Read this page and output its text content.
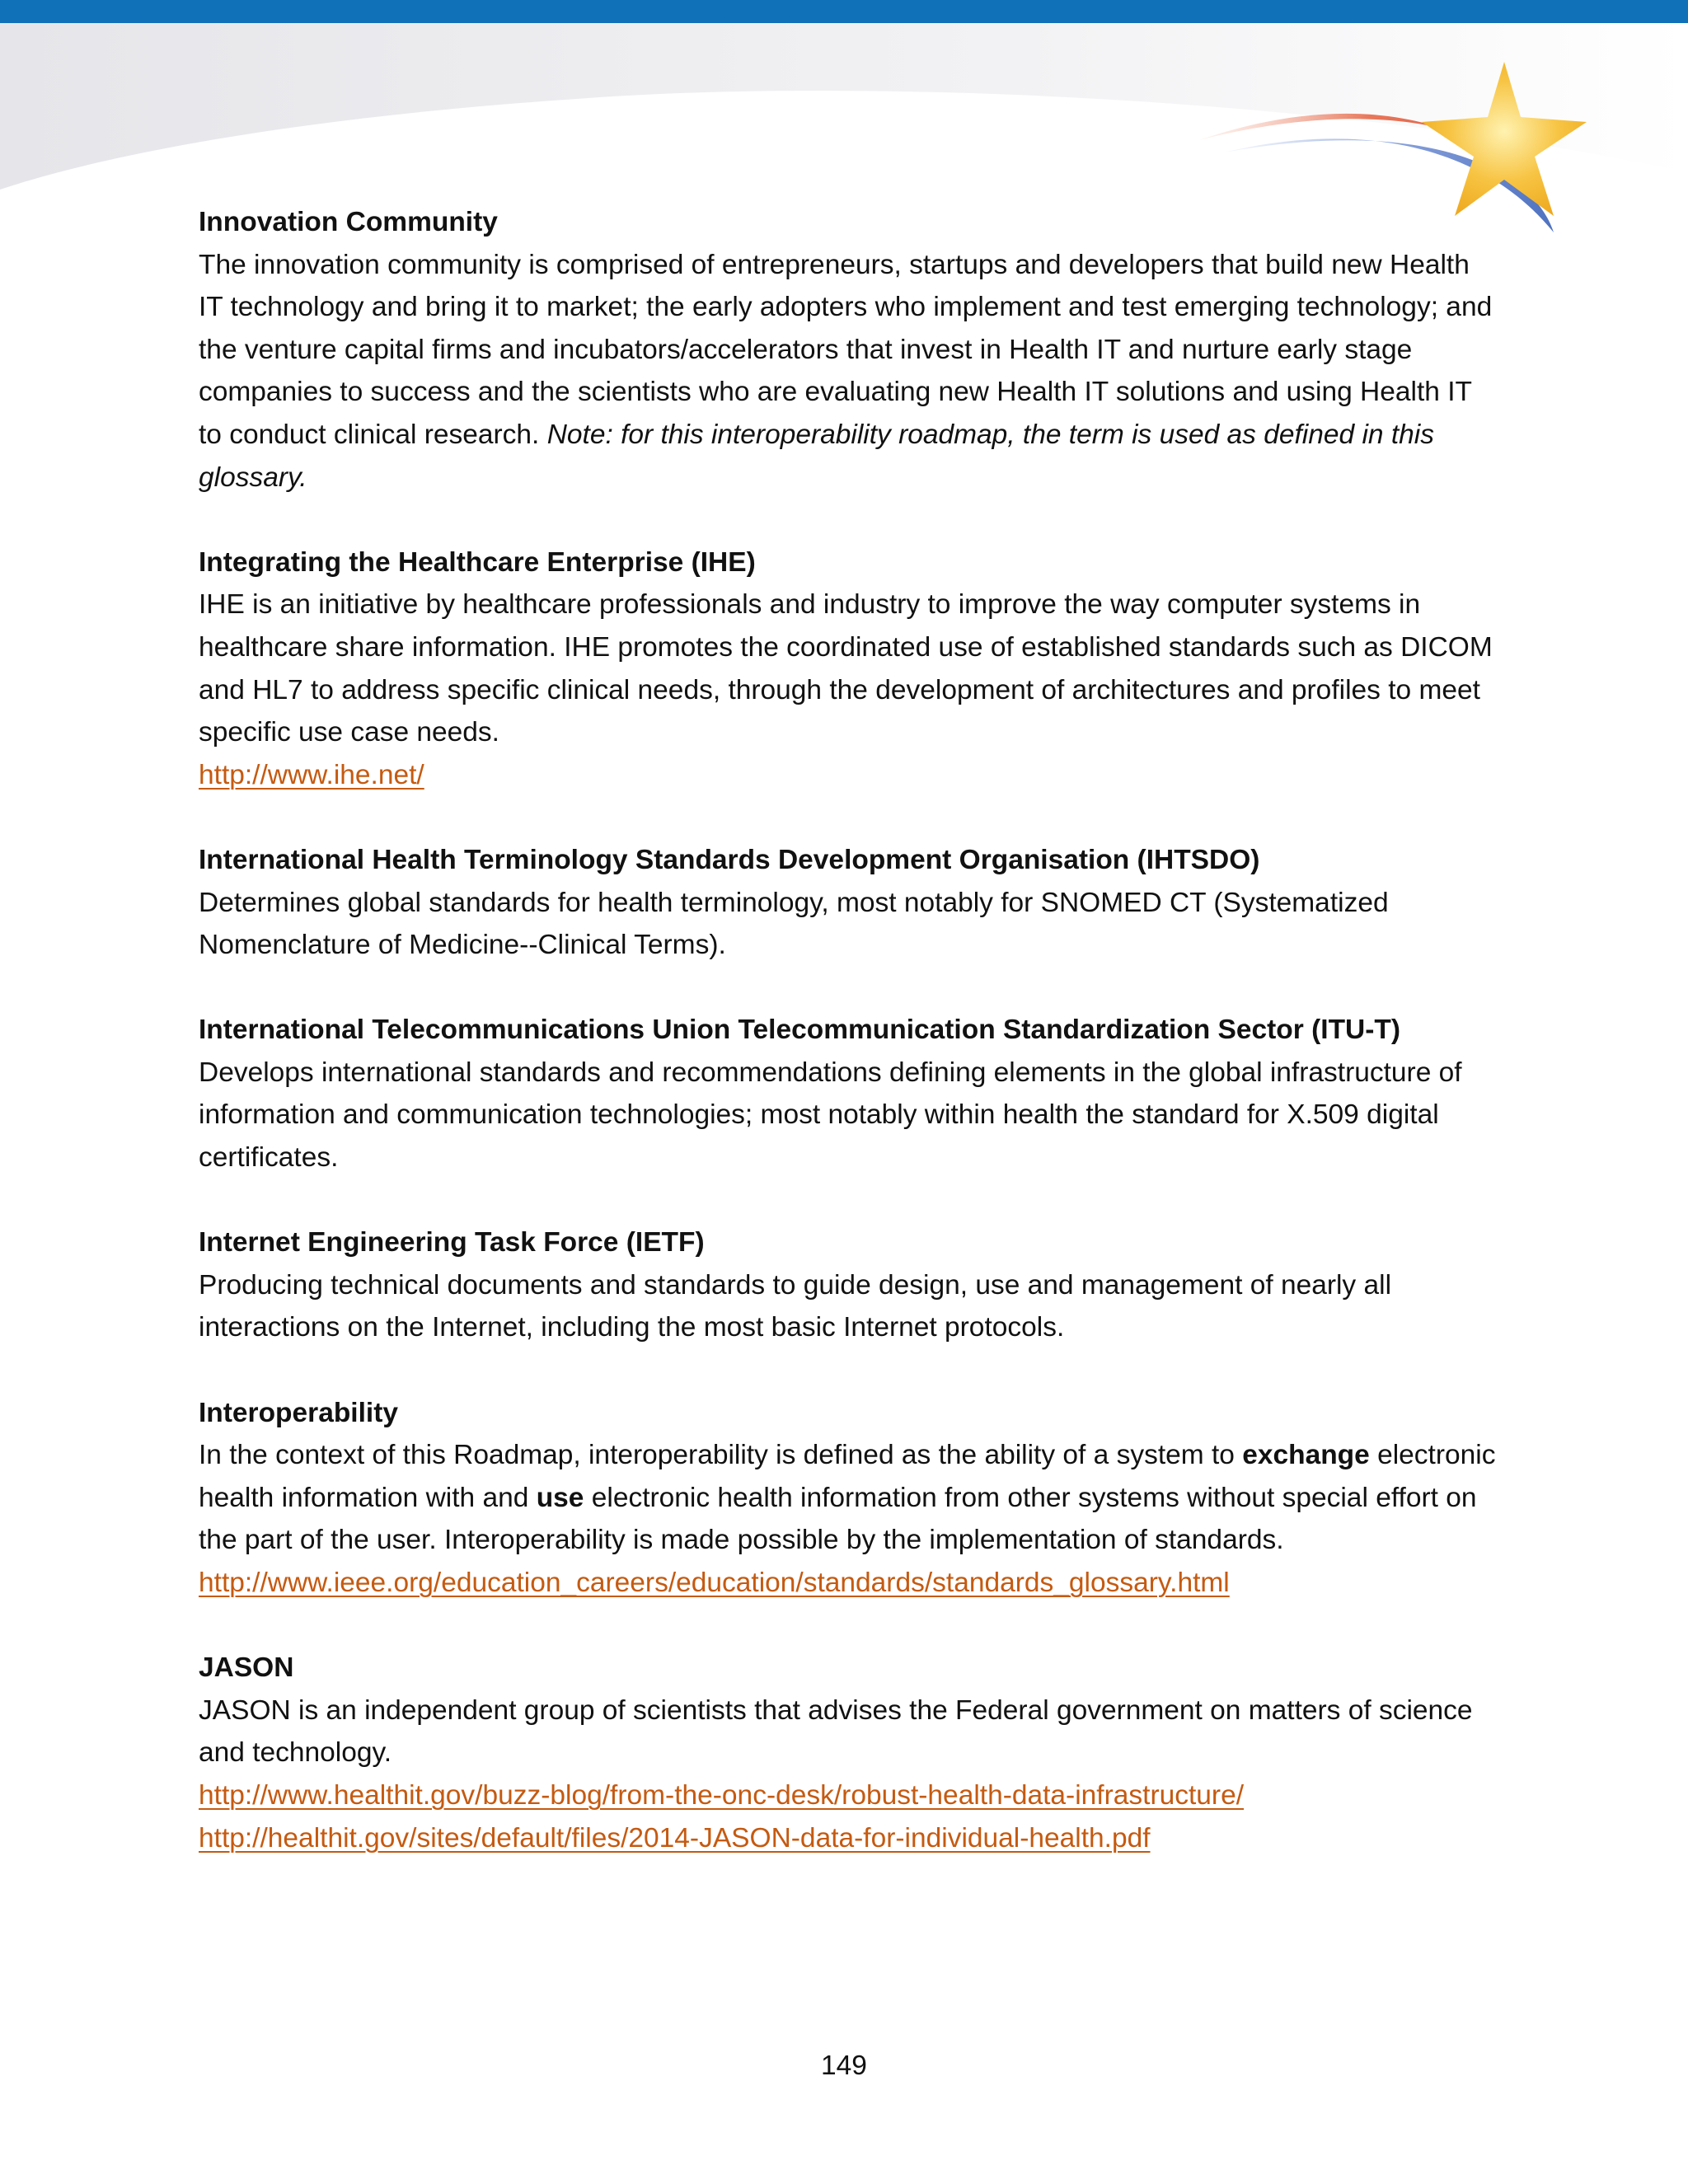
Innovation Community
The innovation community is comprised of entrepreneurs, startups and developers that build new Health IT technology and bring it to market; the early adopters who implement and test emerging technology; and the venture capital firms and incubators/accelerators that invest in Health IT and nurture early stage companies to success and the scientists who are evaluating new Health IT solutions and using Health IT to conduct clinical research. Note: for this interoperability roadmap, the term is used as defined in this glossary.
Integrating the Healthcare Enterprise (IHE)
IHE is an initiative by healthcare professionals and industry to improve the way computer systems in healthcare share information. IHE promotes the coordinated use of established standards such as DICOM and HL7 to address specific clinical needs, through the development of architectures and profiles to meet specific use case needs.
http://www.ihe.net/
International Health Terminology Standards Development Organisation (IHTSDO)
Determines global standards for health terminology, most notably for SNOMED CT (Systematized Nomenclature of Medicine--Clinical Terms).
International Telecommunications Union Telecommunication Standardization Sector (ITU-T)
Develops international standards and recommendations defining elements in the global infrastructure of information and communication technologies; most notably within health the standard for X.509 digital certificates.
Internet Engineering Task Force (IETF)
Producing technical documents and standards to guide design, use and management of nearly all interactions on the Internet, including the most basic Internet protocols.
Interoperability
In the context of this Roadmap, interoperability is defined as the ability of a system to exchange electronic health information with and use electronic health information from other systems without special effort on the part of the user. Interoperability is made possible by the implementation of standards.
http://www.ieee.org/education_careers/education/standards/standards_glossary.html
JASON
JASON is an independent group of scientists that advises the Federal government on matters of science and technology.
http://www.healthit.gov/buzz-blog/from-the-onc-desk/robust-health-data-infrastructure/
http://healthit.gov/sites/default/files/2014-JASON-data-for-individual-health.pdf
149
